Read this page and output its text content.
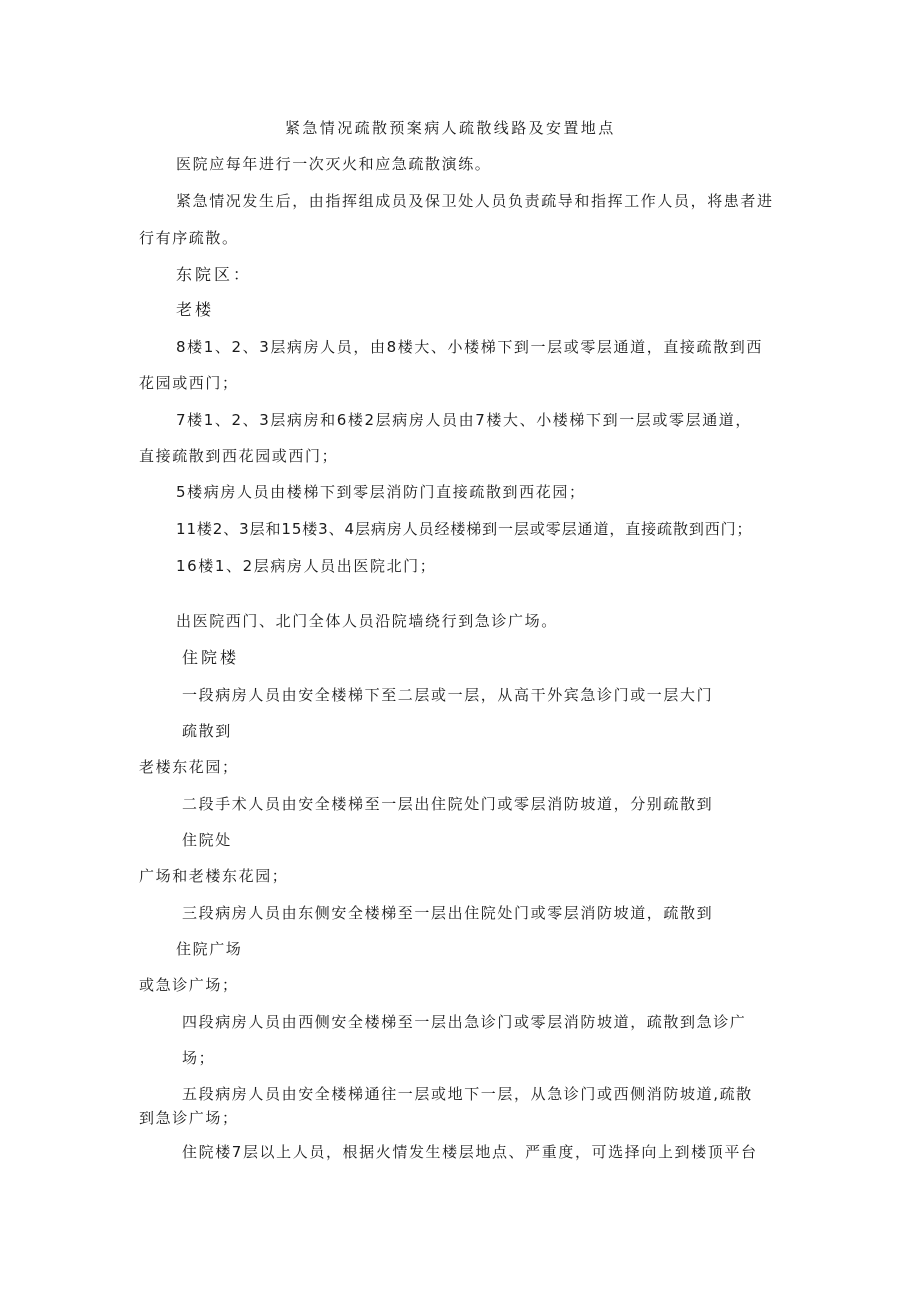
紧急情况疏散预案病人疏散线路及安置地点
医院应每年进行一次灭火和应急疏散演练。
紧急情况发生后，由指挥组成员及保卫处人员负责疏导和指挥工作人员，将患者进
行有序疏散。
东院区：
老楼
8楼1、2、3层病房人员，由8楼大、小楼梯下到一层或零层通道，直接疏散到西
花园或西门；
7楼1、2、3层病房和6楼2层病房人员由7楼大、小楼梯下到一层或零层通道，
直接疏散到西花园或西门；
5楼病房人员由楼梯下到零层消防门直接疏散到西花园；
11楼2、3层和15楼3、4层病房人员经楼梯到一层或零层通道，直接疏散到西门；
16楼1、2层病房人员出医院北门；
出医院西门、北门全体人员沿院墙绕行到急诊广场。
住院楼
一段病房人员由安全楼梯下至二层或一层，从高干外宾急诊门或一层大门
疏散到
老楼东花园；
二段手术人员由安全楼梯至一层出住院处门或零层消防坡道，分别疏散到
住院处
广场和老楼东花园；
三段病房人员由东侧安全楼梯至一层出住院处门或零层消防坡道，疏散到
住院广场
或急诊广场；
四段病房人员由西侧安全楼梯至一层出急诊门或零层消防坡道，疏散到急诊广
场；
五段病房人员由安全楼梯通往一层或地下一层，从急诊门或西侧消防坡道,疏散
到急诊广场；
住院楼7层以上人员，根据火情发生楼层地点、严重度，可选择向上到楼顶平台
